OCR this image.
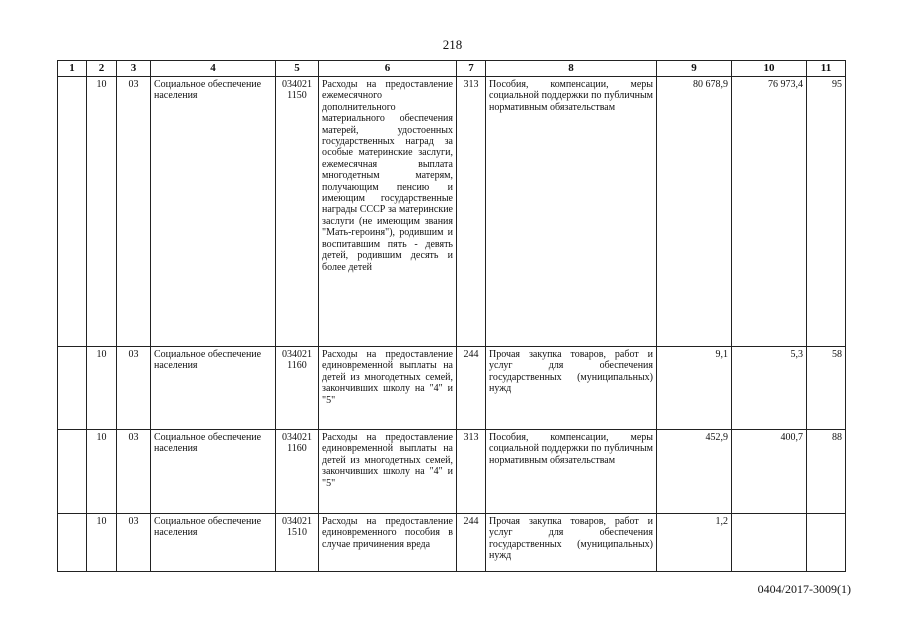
218
1	2	3	4	5	6	7	8	9	10	11
	10	03	Социальное обеспечение населения	034021 1150	Расходы на предоставление ежемесячного дополнительного материального обеспечения матерей, удостоенных государственных наград за особые материнские заслуги, ежемесячная выплата многодетным матерям, получающим пенсию и имеющим государственные награды СССР за материнские заслуги (не имеющим звания "Мать-героиня"), родившим и воспитавшим пять - девять детей, родившим десять и более детей	313	Пособия, компенсации, меры социальной поддержки по публичным нормативным обязательствам	80 678,9	76 973,4	95
	10	03	Социальное обеспечение населения	034021 1160	Расходы на предоставление единовременной выплаты на детей из многодетных семей, закончивших школу на "4" и "5"	244	Прочая закупка товаров, работ и услуг для обеспечения государственных (муниципальных) нужд	9,1	5,3	58
	10	03	Социальное обеспечение населения	034021 1160	Расходы на предоставление единовременной выплаты на детей из многодетных семей, закончивших школу на "4" и "5"	313	Пособия, компенсации, меры социальной поддержки по публичным нормативным обязательствам	452,9	400,7	88
	10	03	Социальное обеспечение населения	034021 1510	Расходы на предоставление единовременного пособия в случае причинения вреда	244	Прочая закупка товаров, работ и услуг для обеспечения государственных (муниципальных) нужд	1,2		
0404/2017-3009(1)
